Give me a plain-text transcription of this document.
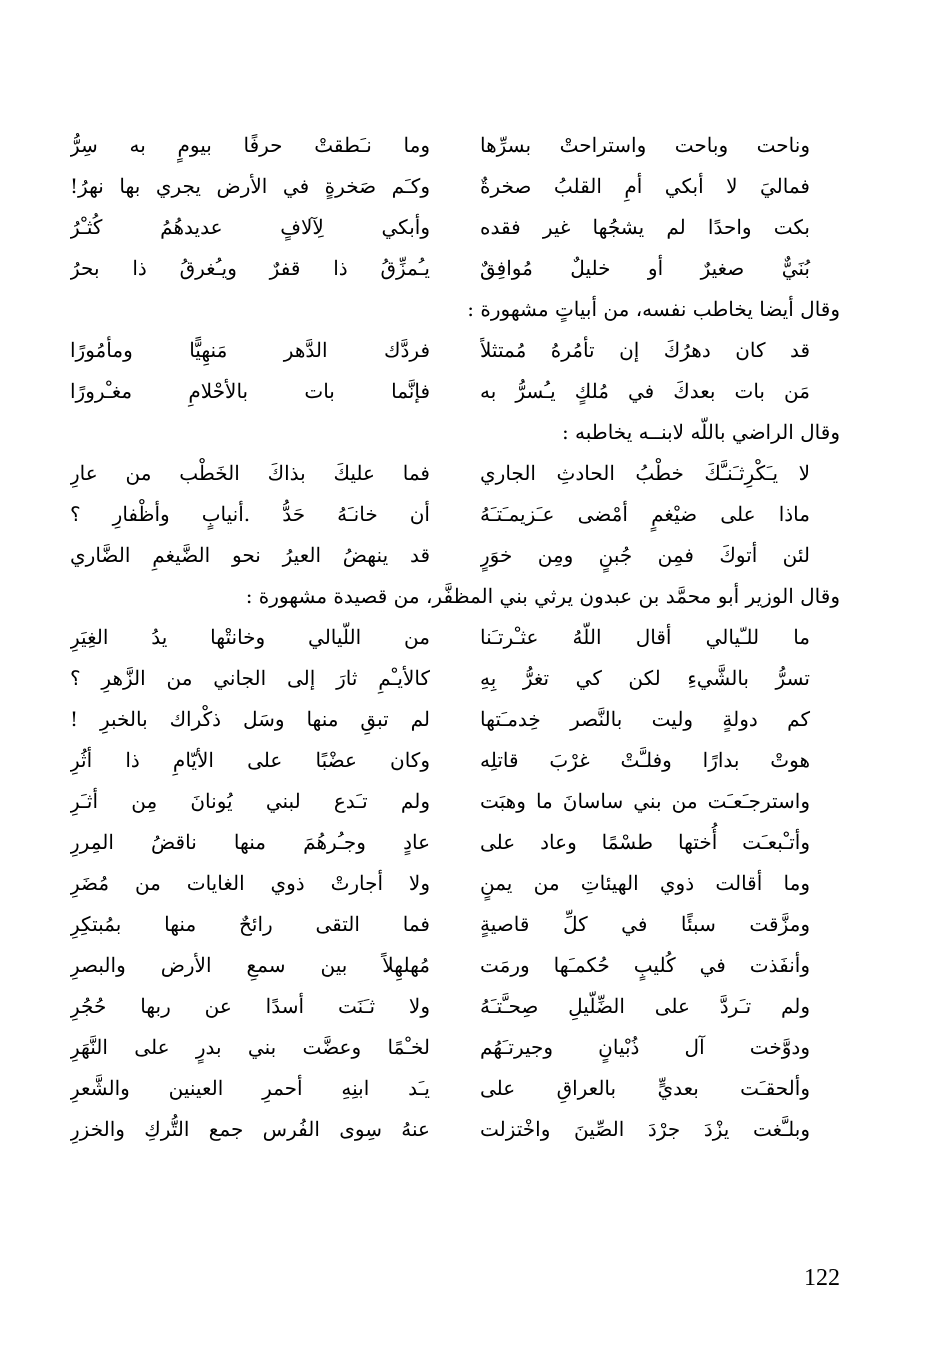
وناحت وباحت واستراحتْ بسرِّها
وما نـَطقتْ حرفًا بيومٍ به سِرُّ
فماليَ لا أبكي أمِ القلبُ صخرةٌ
وكـَم صَخرةٍ في الأرض يجري بها نهرُ!
بكت واحدًا لم يشجُها غير فقده
وأبكي لِآلافٍ عديدهُمُ كُثـْرُ
بُنَيٌّ صغيرٌ أو خليلٌ مُوافِقٌ
يـُمزِّقُ ذا قفرٌ ويـُغرقُ ذا بحرُ
وقال أيضا يخاطب نفسه، من أبياتٍ مشهورة :
قد كان دهرُكَ إن تأمُرهُ مُمتثلاً
فردَّك الدَّهر مَنهِيًّا ومأمُورًا
مَن بات بعدكَ في مُلكٍ يـُسرُّ به
فإنَّما بات بالأحْلامِ مغـْرورًا
وقال الراضي باللّه لابنــه يخاطبه :
لا يـَكْرِثـَنـَّكَ خطْبُ الحادثِ الجاري
فما عليكَ بذاكَ الخَطْب من عارِ
ماذا على ضيْغمٍ أمْضى عـَزيمـَتـَهُ
أن خانـَهُ حَدُّ .أنيابٍ وأظْفارِ ؟
لئن أتوكَ فمِن جُبنٍ ومِن خوَرٍ
قد ينهضُ العيرُ نحو الضَّيغمِ الضَّاري
وقال الوزير أبو محمَّد بن عبدون يرثي بني المظفَّر، من قصيدة مشهورة :
ما للـّيالي أقال اللّهُ عثـْرتـَنا
من اللّيالي وخانتْها يدُ الغِيَرِ
تسرُّ بالشَّيءِ لكن كي تغرُّ بِهِ
كالأيـْمِ ثارَ إلى الجاني من الزَّهرِ ؟
كم دولةٍ وليت بالنَّصر خِدمـَتها
لم تبقِ منها وسَل ذكْراك بالخبرِ !
هوتْ بدارًا وفلـَّتْ غرْبَ قاتلِه
وكان عضْبًا على الأيّامِ ذا أثُرِ
واسترجـَعـَت من بني ساسانَ ما وهبَت
ولم تـَدع لبني يُونانَ مِن أثـَرِ
وأتـْبعـَت أُختها طسْمًا وعاد على
عادٍ وجـُرهُمَ منها ناقضُ المِررِ
وما أقالت ذوي الهيئاتِ من يمنٍ
ولا أجارتْ ذوي الغايات من مُضَرِ
ومزَّقت سبئًا في كلِّ قاصيةٍ
فما التقى رائحٌ منها بمُبتكِرِ
وأنفَذت في كُليبٍ حُكمـَها ورمَت
مُهلهِلاً بين سمعِ الأرض والبصرِ
ولم تـَردَّ على الضِّلّيلِ صِحـَّتـَهُ
ولا ثـَنَت أسدًا عن ربها حُجُرِ
ودوَّخت آل ذُبْيانٍ وجيرتـَهُم
لخـْمًا وعضَّت بني بدرٍ على النَّهَرِ
وألحقـَت بعديٍّ بالعراقِ على
يـَد ابنِهِ أحمرِ العينين والشَّعرِ
وبلـَّغت يزْدَ جرْدَ الصِّينَ واخْتزلت
عنهُ سِوى الفُرس جمع التُّركِ والخزرِ
122
